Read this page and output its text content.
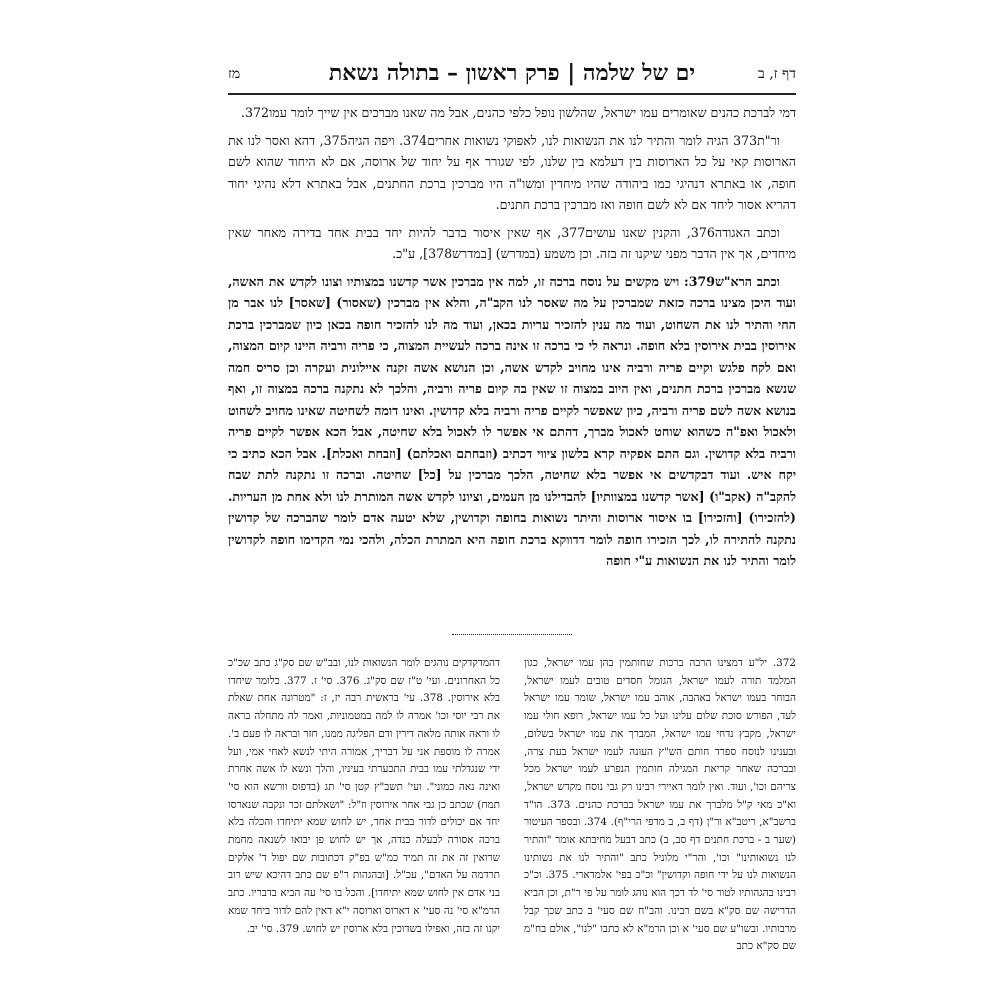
דף ז, ב
ים של שלמה | פרק ראשון – בתולה נשאת
מז

דמי לברכת כהנים שאומרים עמו ישראל, שהלשון נופל כלפי כהנים, אבל מה שאנו מברכים אין שייך לומר עמו372.

ור"ת373 הגיה לומר והתיר לנו את הנשואות לנו, לאפוקי נשואות אחרים374. ויפה הגיה375, דהא ואסר לנו את הארוסות קאי על כל הארוסות בין דעלמא בין שלנו, לפי שגורר אף על יחוד של ארוסה, אם לא היחוד שהוא לשם חופה, או באתרא דנהיגי כמו ביהודה שהיו מיחדין ומשו"ה היו מברכין ברכת החתנים, אבל באתרא דלא נהיגי יחוד דהריא אסור ליחד אם לא לשם חופה ואז מברכין ברכת חתנים.

וכתב האגודה376, והקנין שאנו עושים377, אף שאין איסור בדבר להיות יחד בבית אחד בדירה מאחר שאין מיחדים, אך אין הדבר מפני שיקנו זה בזה. וכן משמע (במדרש) [במדרש378], ע"כ.

וכתב הרא"ש379: ויש מקשים על נוסח ברכה זו, למה אין מברכין אשר קדשנו במצותיו וצונו לקדש את האשה, ועוד היכן מצינו ברכה כזאת שמברכין על מה שאסר לנו הקב"ה, והלא אין מברכין (שאסור) [שאסר] לנו אבר מן החי והתיר לנו את השחוט, ועוד מה ענין להזכיר עריות בכאן, ועוד מה לנו להזכיר חופה בכאן כיון שמברכין ברכת אירוסין בבית אירוסין בלא חופה. ונראה לי כי ברכה זו אינה ברכה לעשיית המצוה, כי פריה ורביה היינו קיום המצוה, ואם לקח פלגש וקיים פריה ורביה אינו מחויב לקדש אשה, וכן הנושא אשה זקנה איילונית ועקרה וכן סריס חמה שנשא מברכין ברכת חתנים, ואין היוב במצוה זו שאין בה קיום פריה ורביה, והלכך לא נתקנה ברכה במצוה זו, ואף בנושא אשה לשם פריה ורביה, כיון שאפשר לקיים פריה ורביה בלא קדושין. ואינו דומה לשחיטה שאינו מחויב לשחוט ולאכול ואפ"ה כשהוא שוחט לאכול מברך, דהתם אי אפשר לו לאכול בלא שחיטה, אבל הכא אפשר לקיים פריה ורביה בלא קדושין. וגם התם אפקיה קרא בלשון ציווי דכתיב (וזבחתם ואכלתם) [וזבחת ואכלת]. אבל הכא כתיב כי יקח איש. ועוד דבקדשים אי אפשר בלא שחיטה, הלכך מברכין על [כל] שחיטה. וברכה זו נתקנה לתת שבח להקב"ה (אקב"ו) [אשר קדשנו במצוותיו] להבדילנו מן העמים, וציונו לקדש אשה המותרת לנו ולא אחת מן העריות. (להזכירו) [והזכירו] בו איסור ארוסות והיתר נשואות בחופה וקדושין, שלא יטעה אדם לומר שהברכה של קדושין נתקנה להתירה לו, לכך הזכירו חופה לומר דדווקא ברכת חופה היא המתרת הכלה, ולהכי נמי הקדימו חופה לקדושין לומר והתיר לנו את הנשואות ע"י חופה

372. יל"ע דמצינו הרבה ברכות שחותמין בהן עמו ישראל, כגון המלמד תורה לעמו ישראל, הגומל חסדים טובים לעמו ישראל, הבוחר בעמו ישראל באהבה, אוהב עמו ישראל, שומר עמו ישראל לעד, הפורש סוכת שלום עלינו ועל כל עמו ישראל, רופא חולי עמו ישראל, מקבץ נדחי עמו ישראל, המברך את עמו ישראל בשלום, ובענינו לנוסח ספרד חותם הש"ץ העונה לעמו ישראל בעת צרה, ובברכה שאחר קריאת המגילה חותמין הנפרע לעמו ישראל מכל צריהם וכו', ועוד. ואין לומר דאיירי רבינו רק גבי נוסח מקדש ישראל, וא"כ מאי ק"ל מלברך את עמו ישראל בברכת כהנים. 373. הו"ד ברשב"א, ריטב"א ור"ן (דף ב, ב מדפי הרי"ף). 374. ובספר העיטור (שער ב - ברכת חתנים דף סב, ב) כתב דבעל מחיבתא אומר "והתיר לנו נשואותינו" וכו', והר"י מלוניל כתב "והתיר לנו את נשותינו הנשואות לנו על ידי חופה וקדושין" וכ"כ בפי' אלמדארי. 375. וכ"כ רבינו בהגהותיו לטור סי' לד דכך הוא נוהג לומר על פי ר"ת, וכן הביא הדרישה שם סק"א בשם רבינו. והב"ח שם סעי' ב כתב שכך קבל מרבותיו. ובשו"ע שם סעי' א וכן הרמ"א לא כתבו "לנו", אולם בח"מ שם סק"א כתב

דהמדקדקים נוהגים לומר הנשואות לנו, ובב"ש שם סק"ג כתב שכ"כ כל האחרונים. ועי' ט"ז שם סק"ג. 376. סי' ז. 377. כלומר שיחדו בלא אירוסין. 378. עי' בראשית רבה יז, ז: "מטרונה אחת שאלת את רבי יוסי וכו' אמרה לו למה במטמוניות, ואמר לה מתחלה בראה לו וראה אותה מלאה דירין ודם הפליגה ממנו, חזר ובראה לו פעם ב'. אמרה לו מוספת אני על דבריך, אמורה היתי לנשא לאחי אמי, ועל ידי שנגדלתי עמו בבית התכערתי בעיניו, והלך ונשא לו אשה אחרת ואינה נאה כמוני". ועי' תשב"ץ קטן סי' תג (בדפוס וורשא הוא סי' תמח) שכתב כן גבי אחר אירוסין וז"ל: "ושאלתם זכר ונקבה שנארסו יחד אם יכולים לדור בבית אחד, יש לחוש שמא יתיחדו והכלה בלא ברכה אסורה לבעלה כנדה, אך יש לחוש פן יבואו לשנאה מחמת שרואין זה את זה תמיד כמ"ש בפ"ק דכתובות שם יפול ד' אלקים תרדמה על האדם", עכ"ל. [ובהגהות ר"פ שם כתב דהיכא שיש רוב בני אדם אין לחוש שמא יתיחדו]. והכל בו סי' עה הביא בדבריו. כתב הרמ"א סי' נה סעי' א דארוס וארוסה י"א דאין להם לדור ביחד שמא יקנו זה בזה, ואפילו בשדוכין בלא ארוסין יש לחוש. 379. סי' יב.
